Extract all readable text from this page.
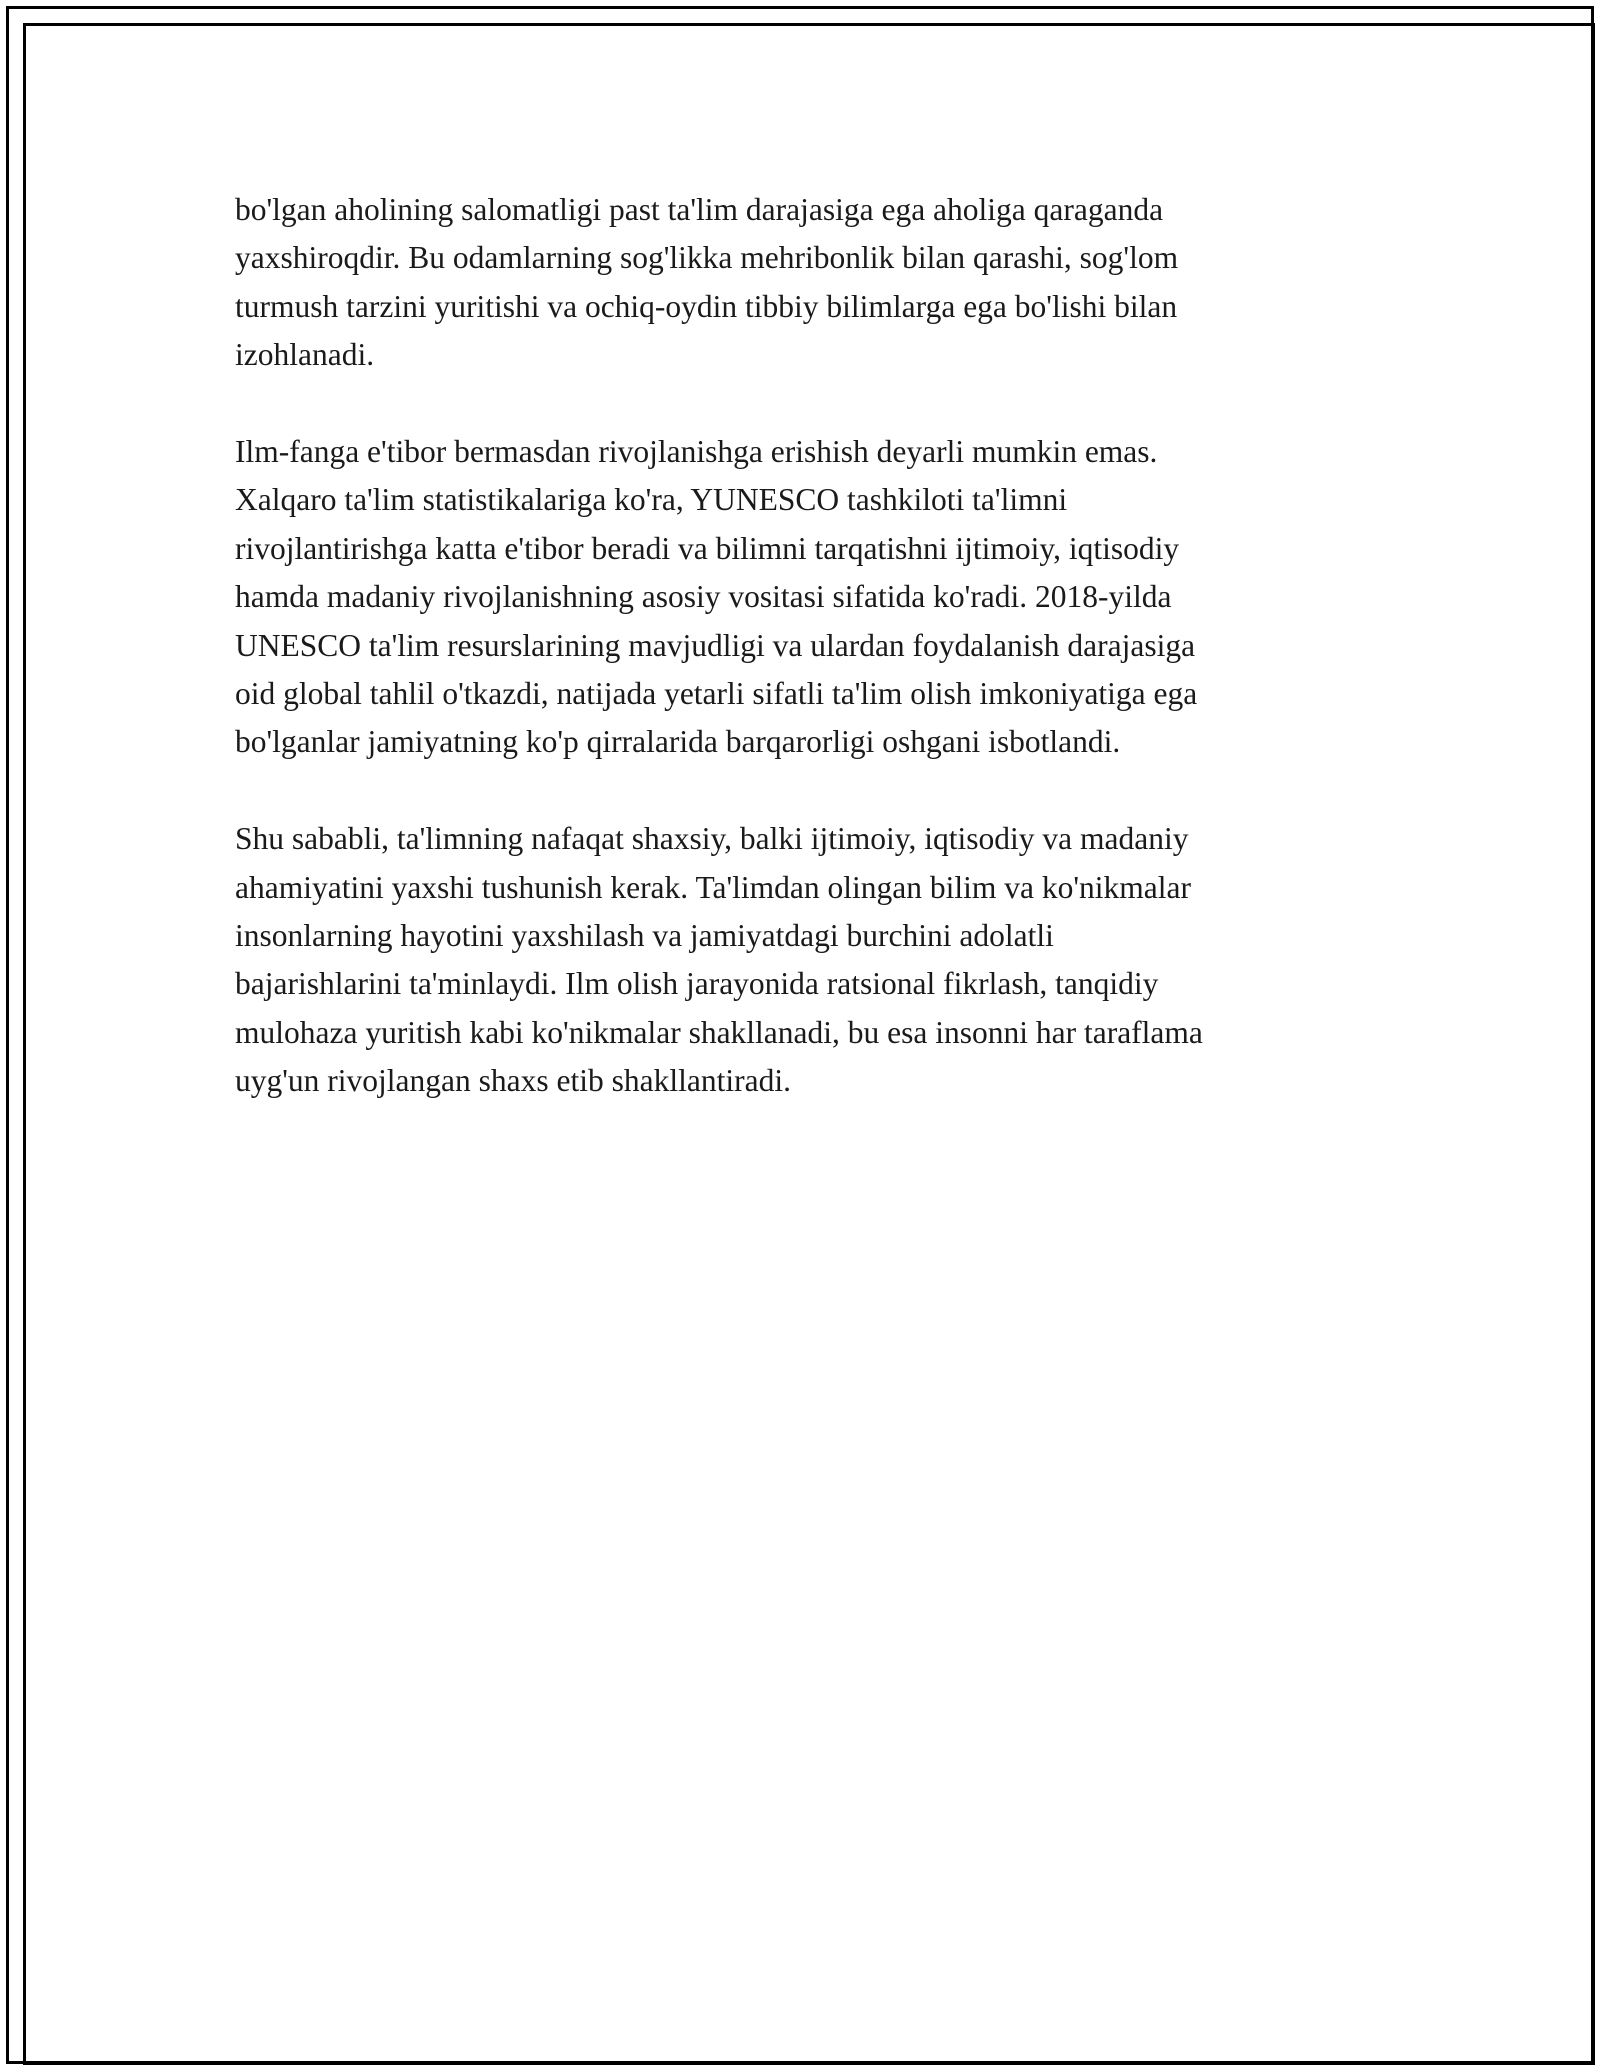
bo'lgan aholining salomatligi past ta'lim darajasiga ega aholiga qaraganda
yaxshiroqdir. Bu odamlarning sog'likka mehribonlik bilan qarashi, sog'lom
turmush tarzini yuritishi va ochiq-oydin tibbiy bilimlarga ega bo'lishi bilan
izohlanadi.

Ilm-fanga e'tibor bermasdan rivojlanishga erishish deyarli mumkin emas.
Xalqaro ta'lim statistikalariga ko'ra, YUNESCO tashkiloti ta'limni
rivojlantirishga katta e'tibor beradi va bilimni tarqatishni ijtimoiy, iqtisodiy
hamda madaniy rivojlanishning asosiy vositasi sifatida ko'radi. 2018-yilda
UNESCO ta'lim resurslarining mavjudligi va ulardan foydalanish darajasiga
oid global tahlil o'tkazdi, natijada yetarli sifatli ta'lim olish imkoniyatiga ega
bo'lganlar jamiyatning ko'p qirralarida barqarorligi oshgani isbotlandi.

Shu sababli, ta'limning nafaqat shaxsiy, balki ijtimoiy, iqtisodiy va madaniy
ahamiyatini yaxshi tushunish kerak. Ta'limdan olingan bilim va ko'nikmalar
insonlarning hayotini yaxshilash va jamiyatdagi burchini adolatli
bajarishlarini ta'minlaydi. Ilm olish jarayonida ratsional fikrlash, tanqidiy
mulohaza yuritish kabi ko'nikmalar shakllanadi, bu esa insonni har taraflama
uyg'un rivojlangan shaxs etib shakllantiradi.
